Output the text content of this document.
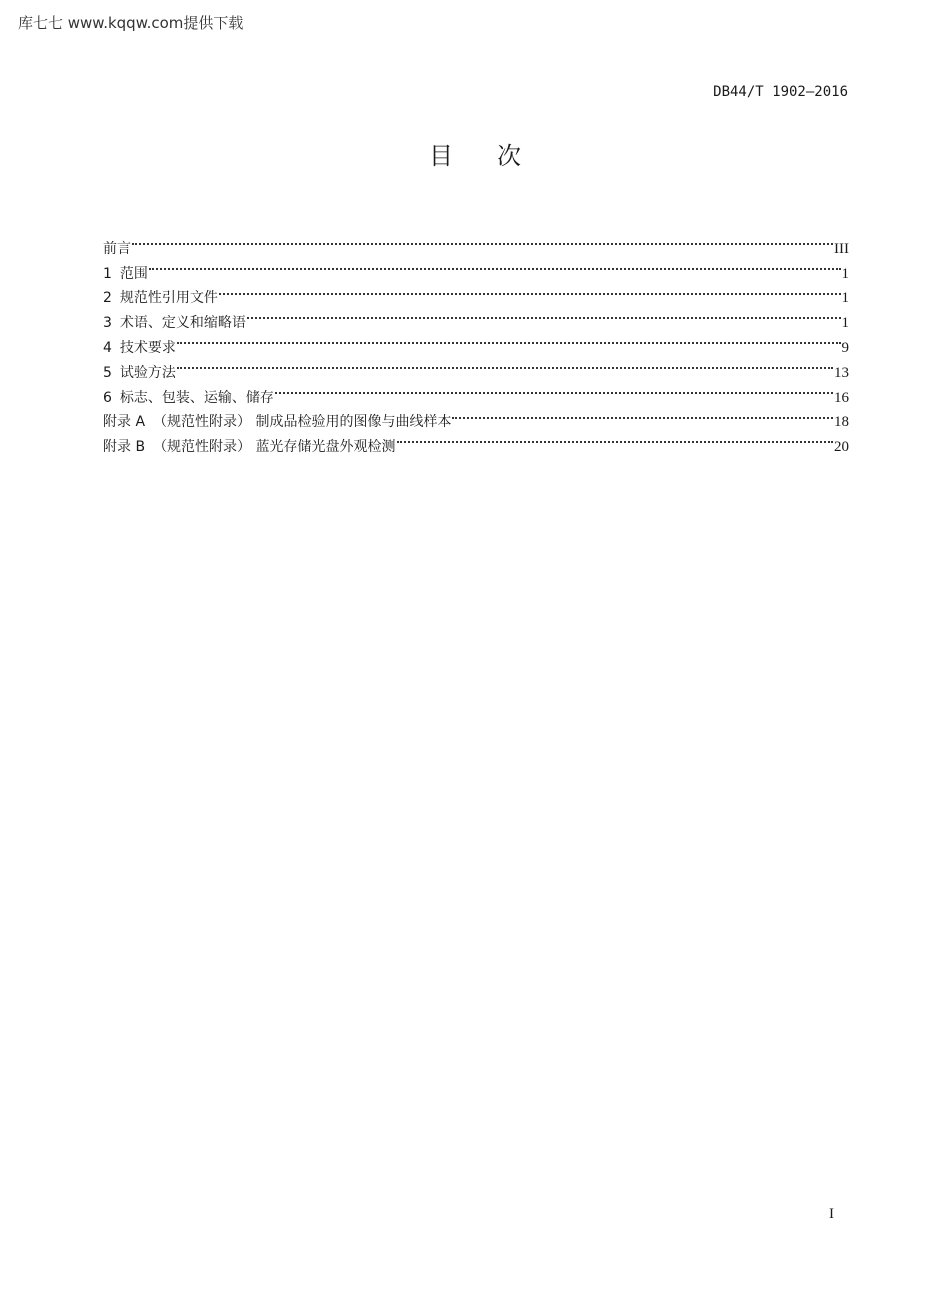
库七七 www.kqqw.com提供下载
DB44/T 1902—2016
目次
前言	III
1 范围	1
2 规范性引用文件	1
3 术语、定义和缩略语	1
4 技术要求	9
5 试验方法	13
6 标志、包装、运输、储存	16
附录 A （规范性附录） 制成品检验用的图像与曲线样本	18
附录 B （规范性附录） 蓝光存储光盘外观检测	20
I
